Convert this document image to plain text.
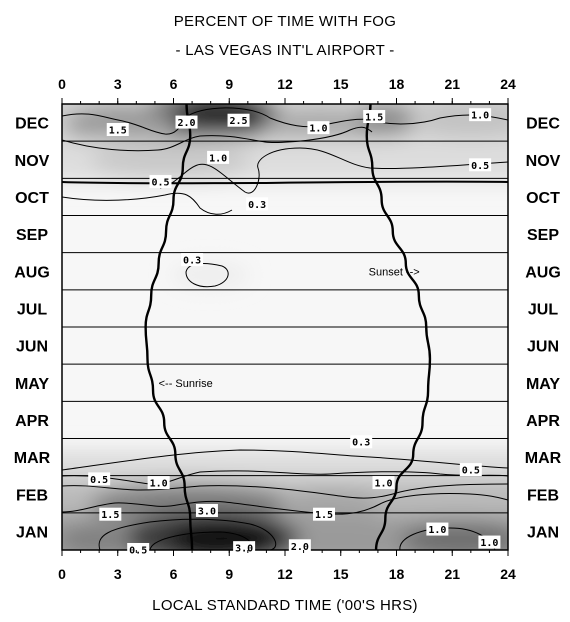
PERCENT OF TIME WITH FOG
- LAS VEGAS INT'L AIRPORT -
1.5
2.0	2.5
1.0
1.5	1.0
1.0
0.5
0.5
0.3
0.3
0.3
0.5
0.5
1.0	1.0
1.5	3.0	1.5
1.0
0.5	3.0	2.0	1.0
0	3	6	9	12	15	18	21	24
0	3	6	9	12	15	18	21	24
DEC
NOV
OCT
SEP
AUG
JUL
JUN
MAY
APR
MAR
FEB
JAN
DEC
NOV
OCT
SEP
AUG
JUL
JUN
MAY
APR
MAR
FEB
JAN
<-- Sunrise
Sunset -->
LOCAL STANDARD TIME ('00'S HRS)
